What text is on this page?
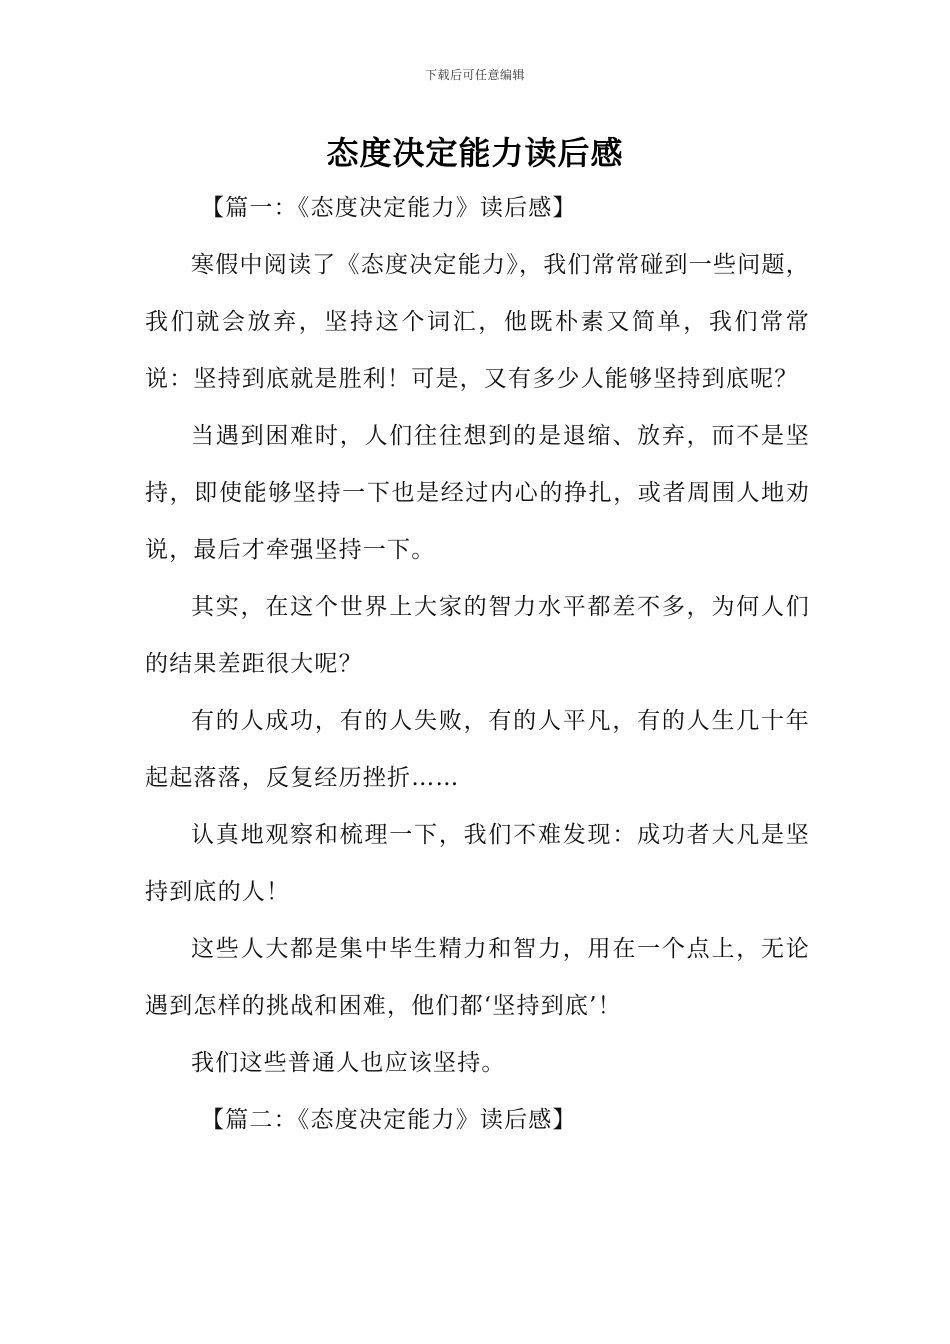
下载后可任意编辑
态度决定能力读后感

【篇一：《态度决定能力》读后感】

寒假中阅读了《态度决定能力》，我们常常碰到一些问题，我们就会放弃，坚持这个词汇，他既朴素又简单，我们常常说：坚持到底就是胜利！可是，又有多少人能够坚持到底呢？

当遇到困难时，人们往往想到的是退缩、放弃，而不是坚持，即使能够坚持一下也是经过内心的挣扎，或者周围人地劝说，最后才牵强坚持一下。

其实，在这个世界上大家的智力水平都差不多，为何人们的结果差距很大呢？

有的人成功，有的人失败，有的人平凡，有的人生几十年起起落落，反复经历挫折……

认真地观察和梳理一下，我们不难发现：成功者大凡是坚持到底的人！

这些人大都是集中毕生精力和智力，用在一个点上，无论遇到怎样的挑战和困难，他们都‘坚持到底’！

我们这些普通人也应该坚持。

【篇二：《态度决定能力》读后感】
